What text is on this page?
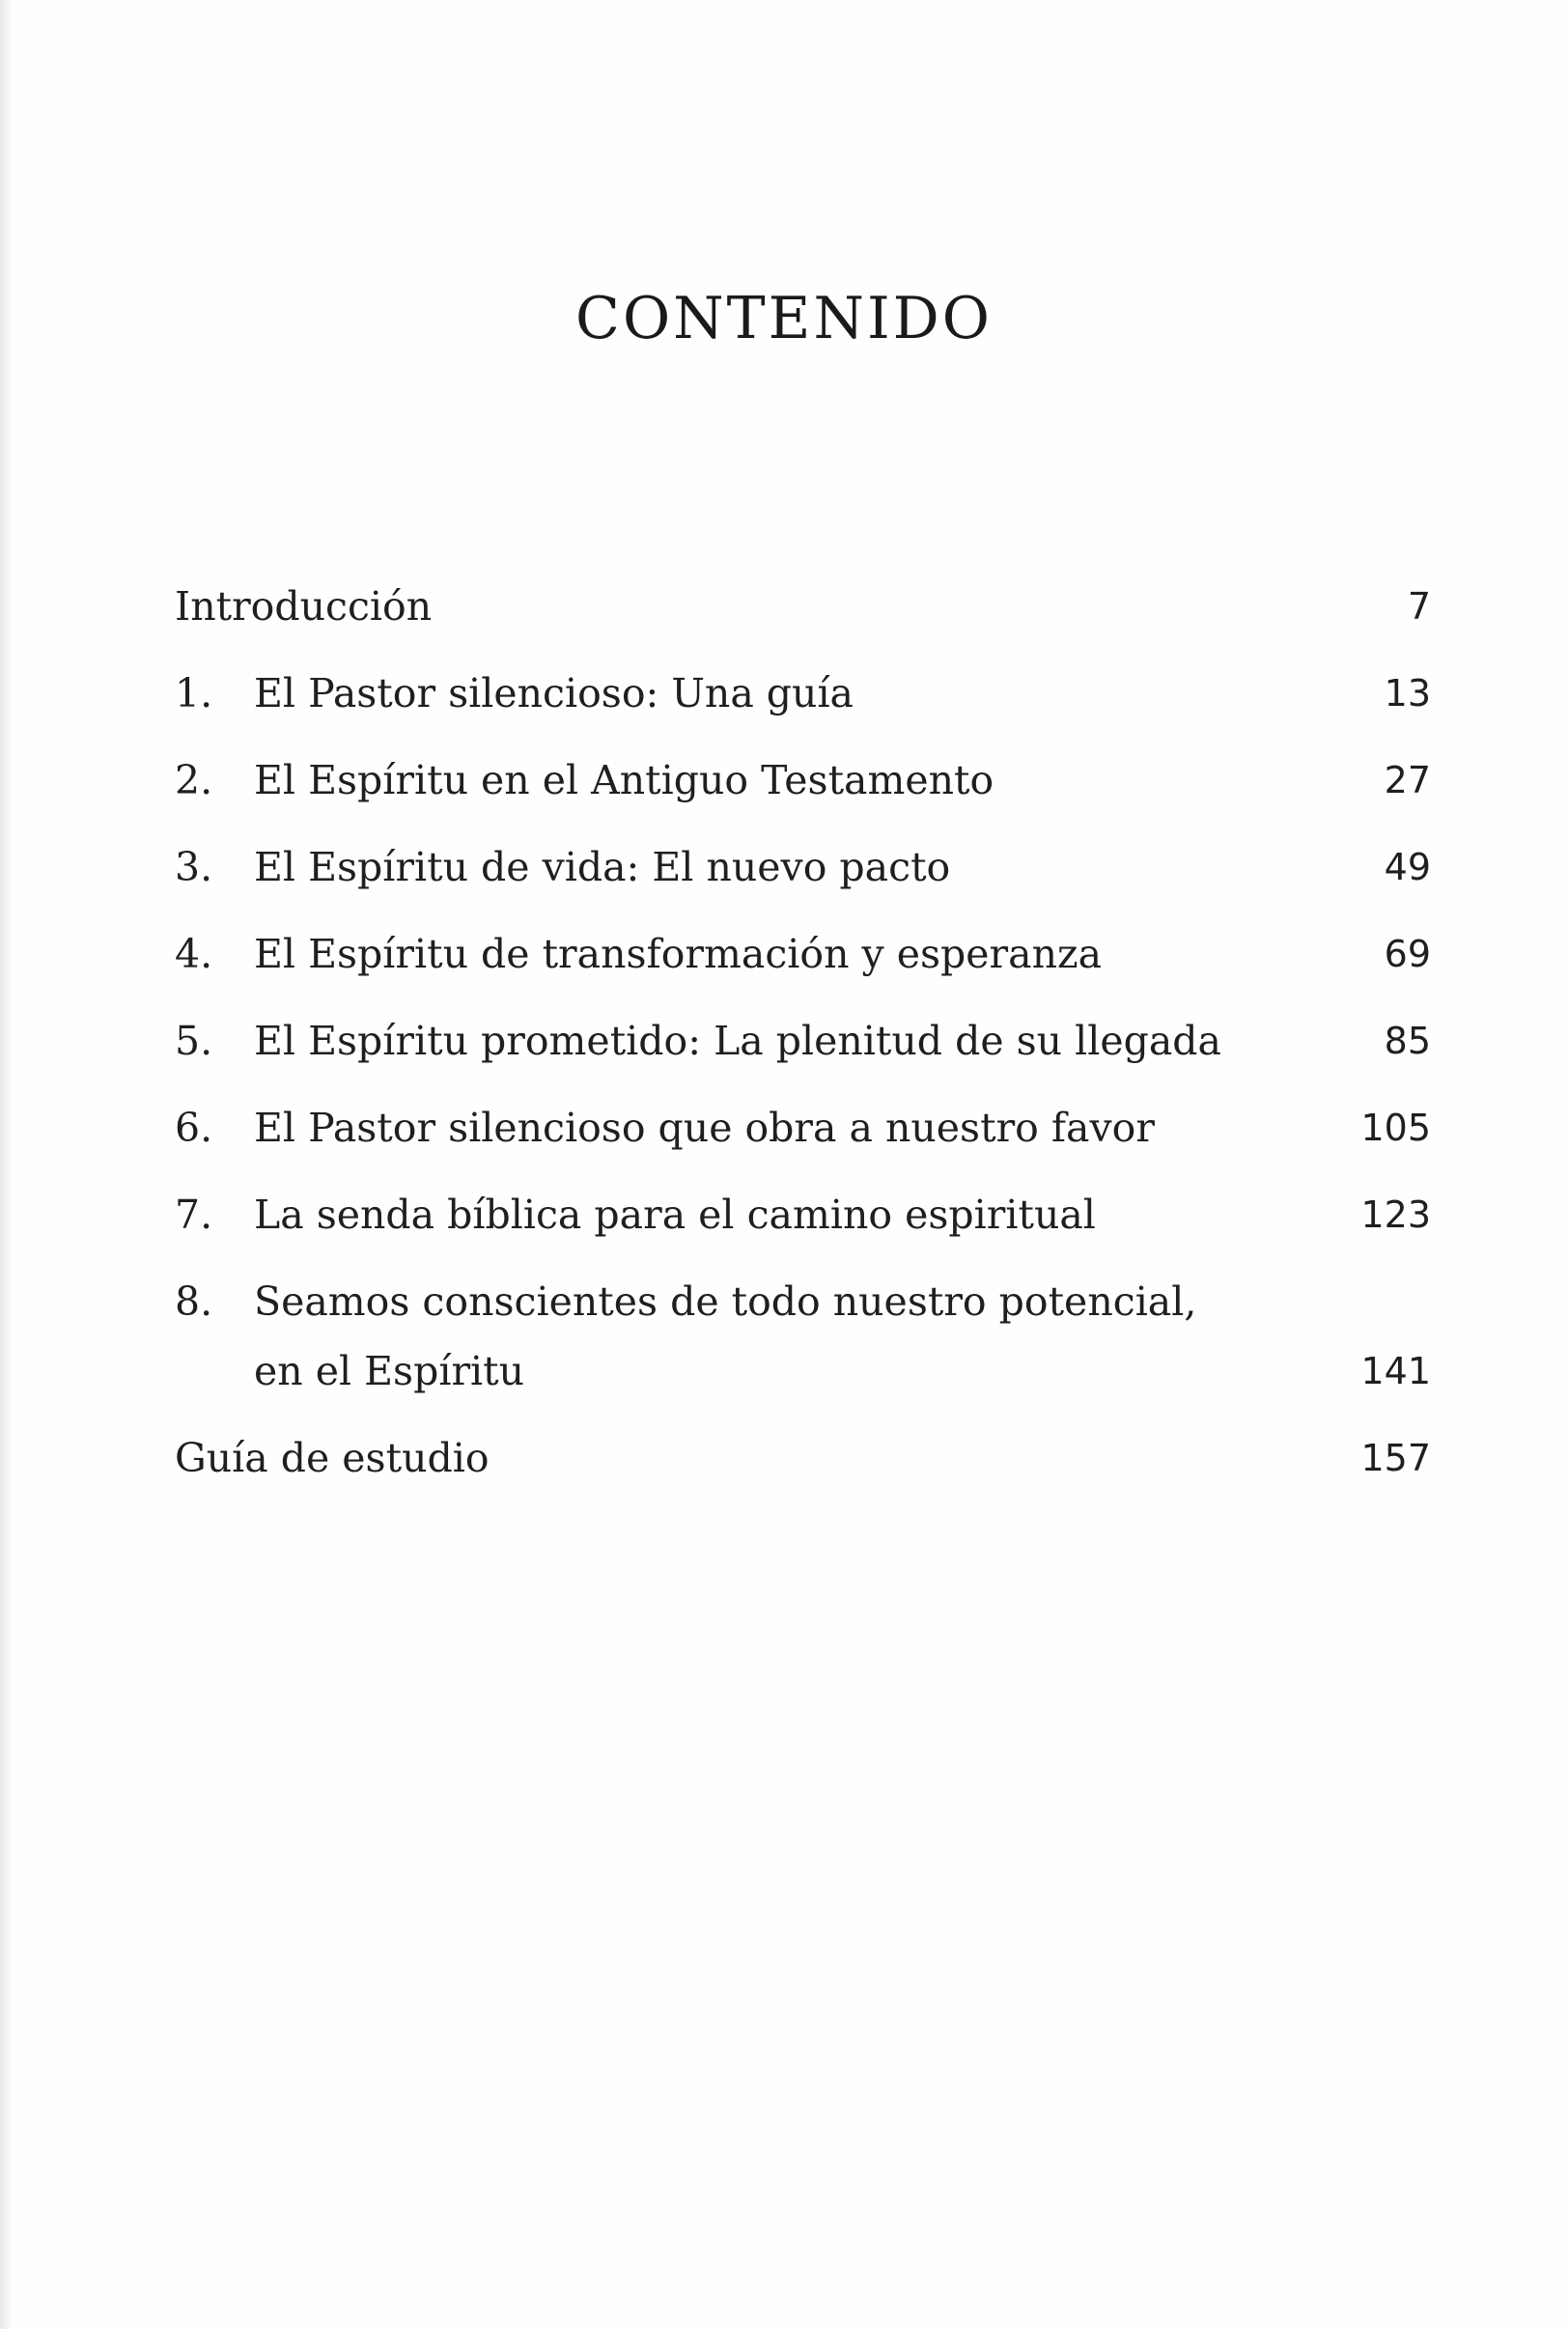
CONTENIDO
Introducción	7
1. El Pastor silencioso: Una guía	13
2. El Espíritu en el Antiguo Testamento	27
3. El Espíritu de vida: El nuevo pacto	49
4. El Espíritu de transformación y esperanza	69
5. El Espíritu prometido: La plenitud de su llegada	85
6. El Pastor silencioso que obra a nuestro favor	105
7. La senda bíblica para el camino espiritual	123
8. Seamos conscientes de todo nuestro potencial,
en el Espíritu	141
Guía de estudio	157
